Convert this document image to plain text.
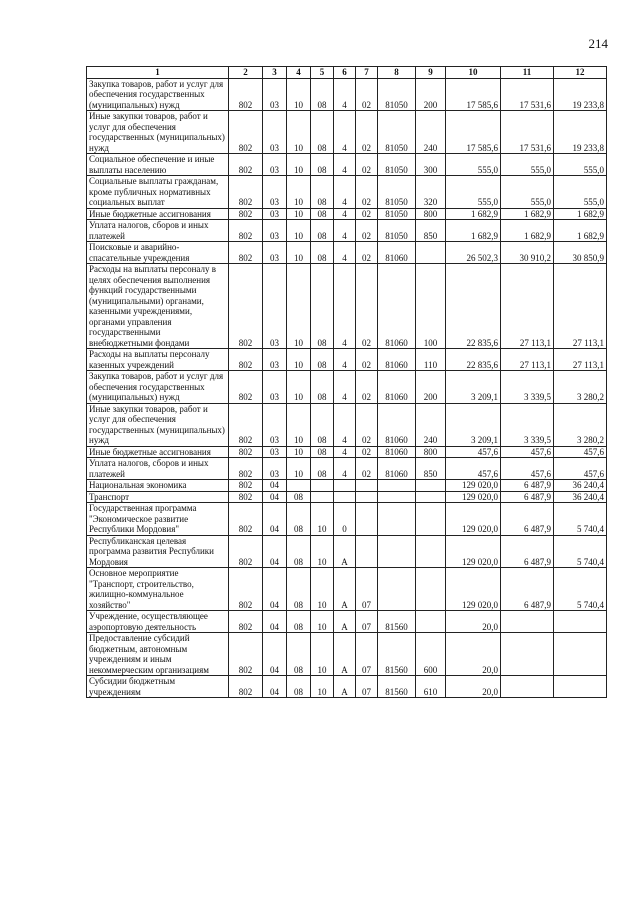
214
1	2	3	4	5	6	7	8	9	10	11	12
Закупка товаров, работ и услуг для обеспечения государственных (муниципальных) нужд	802	03	10	08	4	02	81050	200	17 585,6	17 531,6	19 233,8
Иные закупки товаров, работ и услуг для обеспечения государственных (муниципальных) нужд	802	03	10	08	4	02	81050	240	17 585,6	17 531,6	19 233,8
Социальное обеспечение и иные выплаты населению	802	03	10	08	4	02	81050	300	555,0	555,0	555,0
Социальные выплаты гражданам, кроме публичных нормативных социальных выплат	802	03	10	08	4	02	81050	320	555,0	555,0	555,0
Иные бюджетные ассигнования	802	03	10	08	4	02	81050	800	1 682,9	1 682,9	1 682,9
Уплата налогов, сборов и иных платежей	802	03	10	08	4	02	81050	850	1 682,9	1 682,9	1 682,9
Поисковые и аварийно-спасательные учреждения	802	03	10	08	4	02	81060		26 502,3	30 910,2	30 850,9
Расходы на выплаты персоналу в целях обеспечения выполнения функций государственными (муниципальными) органами, казенными учреждениями, органами управления государственными внебюджетными фондами	802	03	10	08	4	02	81060	100	22 835,6	27 113,1	27 113,1
Расходы на выплаты персоналу казенных учреждений	802	03	10	08	4	02	81060	110	22 835,6	27 113,1	27 113,1
Закупка товаров, работ и услуг для обеспечения государственных (муниципальных) нужд	802	03	10	08	4	02	81060	200	3 209,1	3 339,5	3 280,2
Иные закупки товаров, работ и услуг для обеспечения государственных (муниципальных) нужд	802	03	10	08	4	02	81060	240	3 209,1	3 339,5	3 280,2
Иные бюджетные ассигнования	802	03	10	08	4	02	81060	800	457,6	457,6	457,6
Уплата налогов, сборов и иных платежей	802	03	10	08	4	02	81060	850	457,6	457,6	457,6
Национальная экономика	802	04							129 020,0	6 487,9	36 240,4
Транспорт	802	04	08						129 020,0	6 487,9	36 240,4
Государственная программа "Экономическое развитие Республики Мордовия"	802	04	08	10	0				129 020,0	6 487,9	5 740,4
Республиканская целевая программа развития Республики Мордовия	802	04	08	10	А				129 020,0	6 487,9	5 740,4
Основное мероприятие "Транспорт, строительство, жилищно-коммунальное хозяйство"	802	04	08	10	А	07			129 020,0	6 487,9	5 740,4
Учреждение, осуществляющее аэропортовую деятельность	802	04	08	10	А	07	81560		20,0		
Предоставление субсидий бюджетным, автономным учреждениям и иным некоммерческим организациям	802	04	08	10	А	07	81560	600	20,0		
Субсидии бюджетным учреждениям	802	04	08	10	А	07	81560	610	20,0		
